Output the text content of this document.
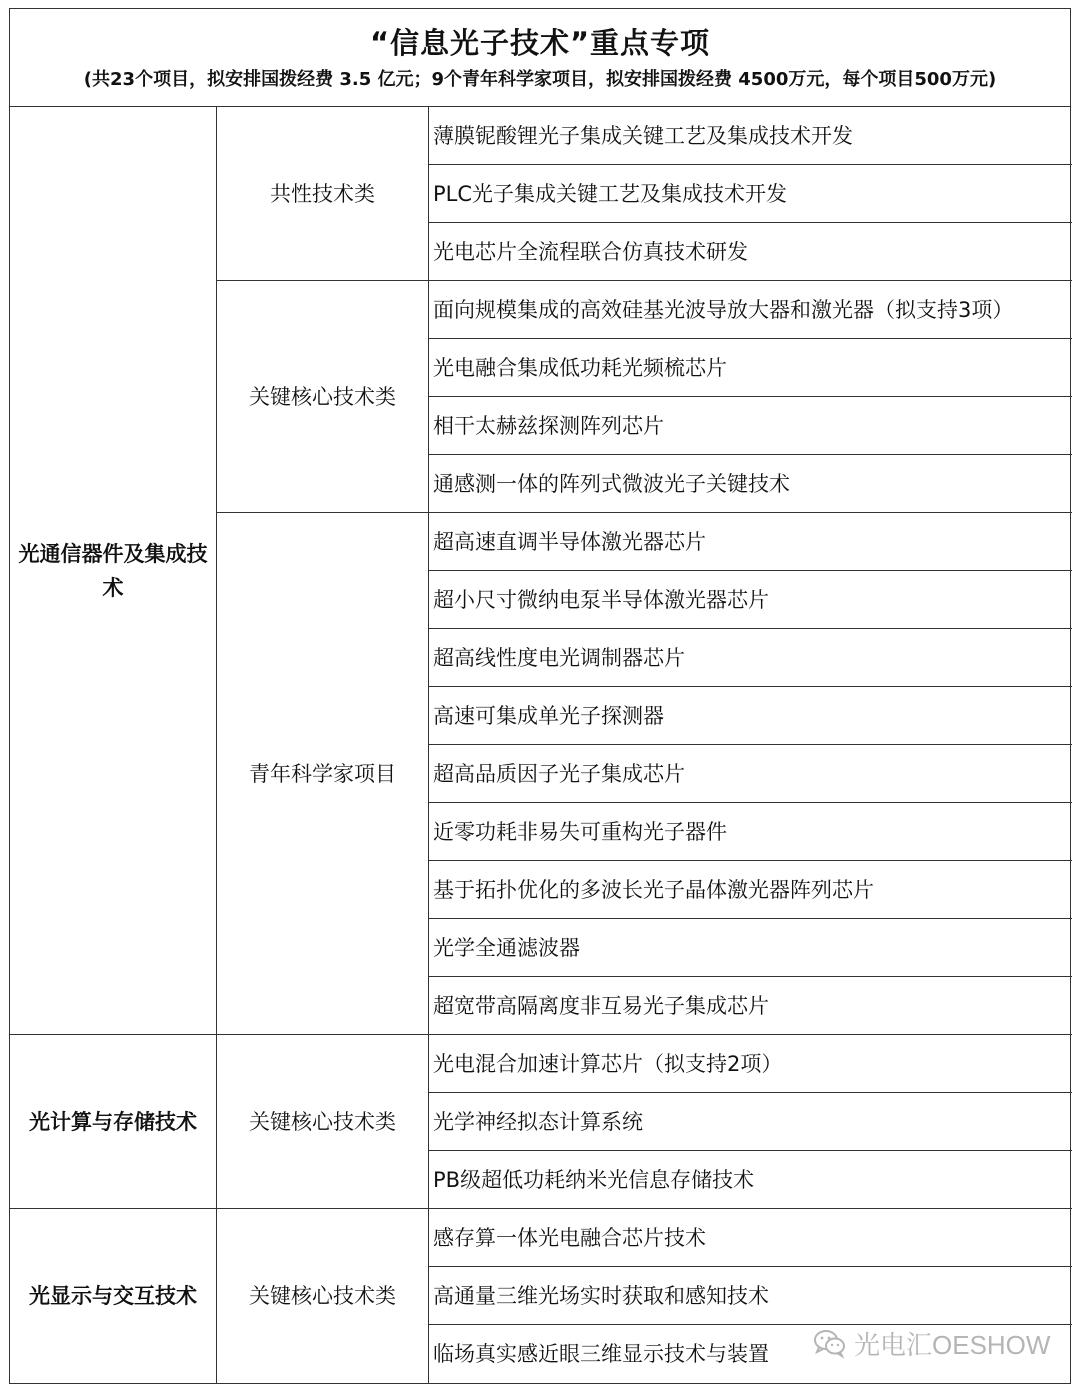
“信息光子技术”重点专项
(共23个项目，拟安排国拨经费 3.5 亿元；9个青年科学家项目，拟安排国拨经费 4500万元，每个项目500万元)
薄膜铌酸锂光子集成关键工艺及集成技术开发
PLC光子集成关键工艺及集成技术开发
光电芯片全流程联合仿真技术研发
共性技术类
面向规模集成的高效硅基光波导放大器和激光器（拟支持3项）
光电融合集成低功耗光频梳芯片
相干太赫兹探测阵列芯片
通感测一体的阵列式微波光子关键技术
关键核心技术类
超高速直调半导体激光器芯片
超小尺寸微纳电泵半导体激光器芯片
超高线性度电光调制器芯片
高速可集成单光子探测器
超高品质因子光子集成芯片
近零功耗非易失可重构光子器件
基于拓扑优化的多波长光子晶体激光器阵列芯片
光学全通滤波器
超宽带高隔离度非互易光子集成芯片
青年科学家项目
光通信器件及集成技术
光电混合加速计算芯片（拟支持2项）
光学神经拟态计算系统
PB级超低功耗纳米光信息存储技术
关键核心技术类
光计算与存储技术
感存算一体光电融合芯片技术
高通量三维光场实时获取和感知技术
临场真实感近眼三维显示技术与装置
关键核心技术类
光显示与交互技术
光电汇OESHOW
